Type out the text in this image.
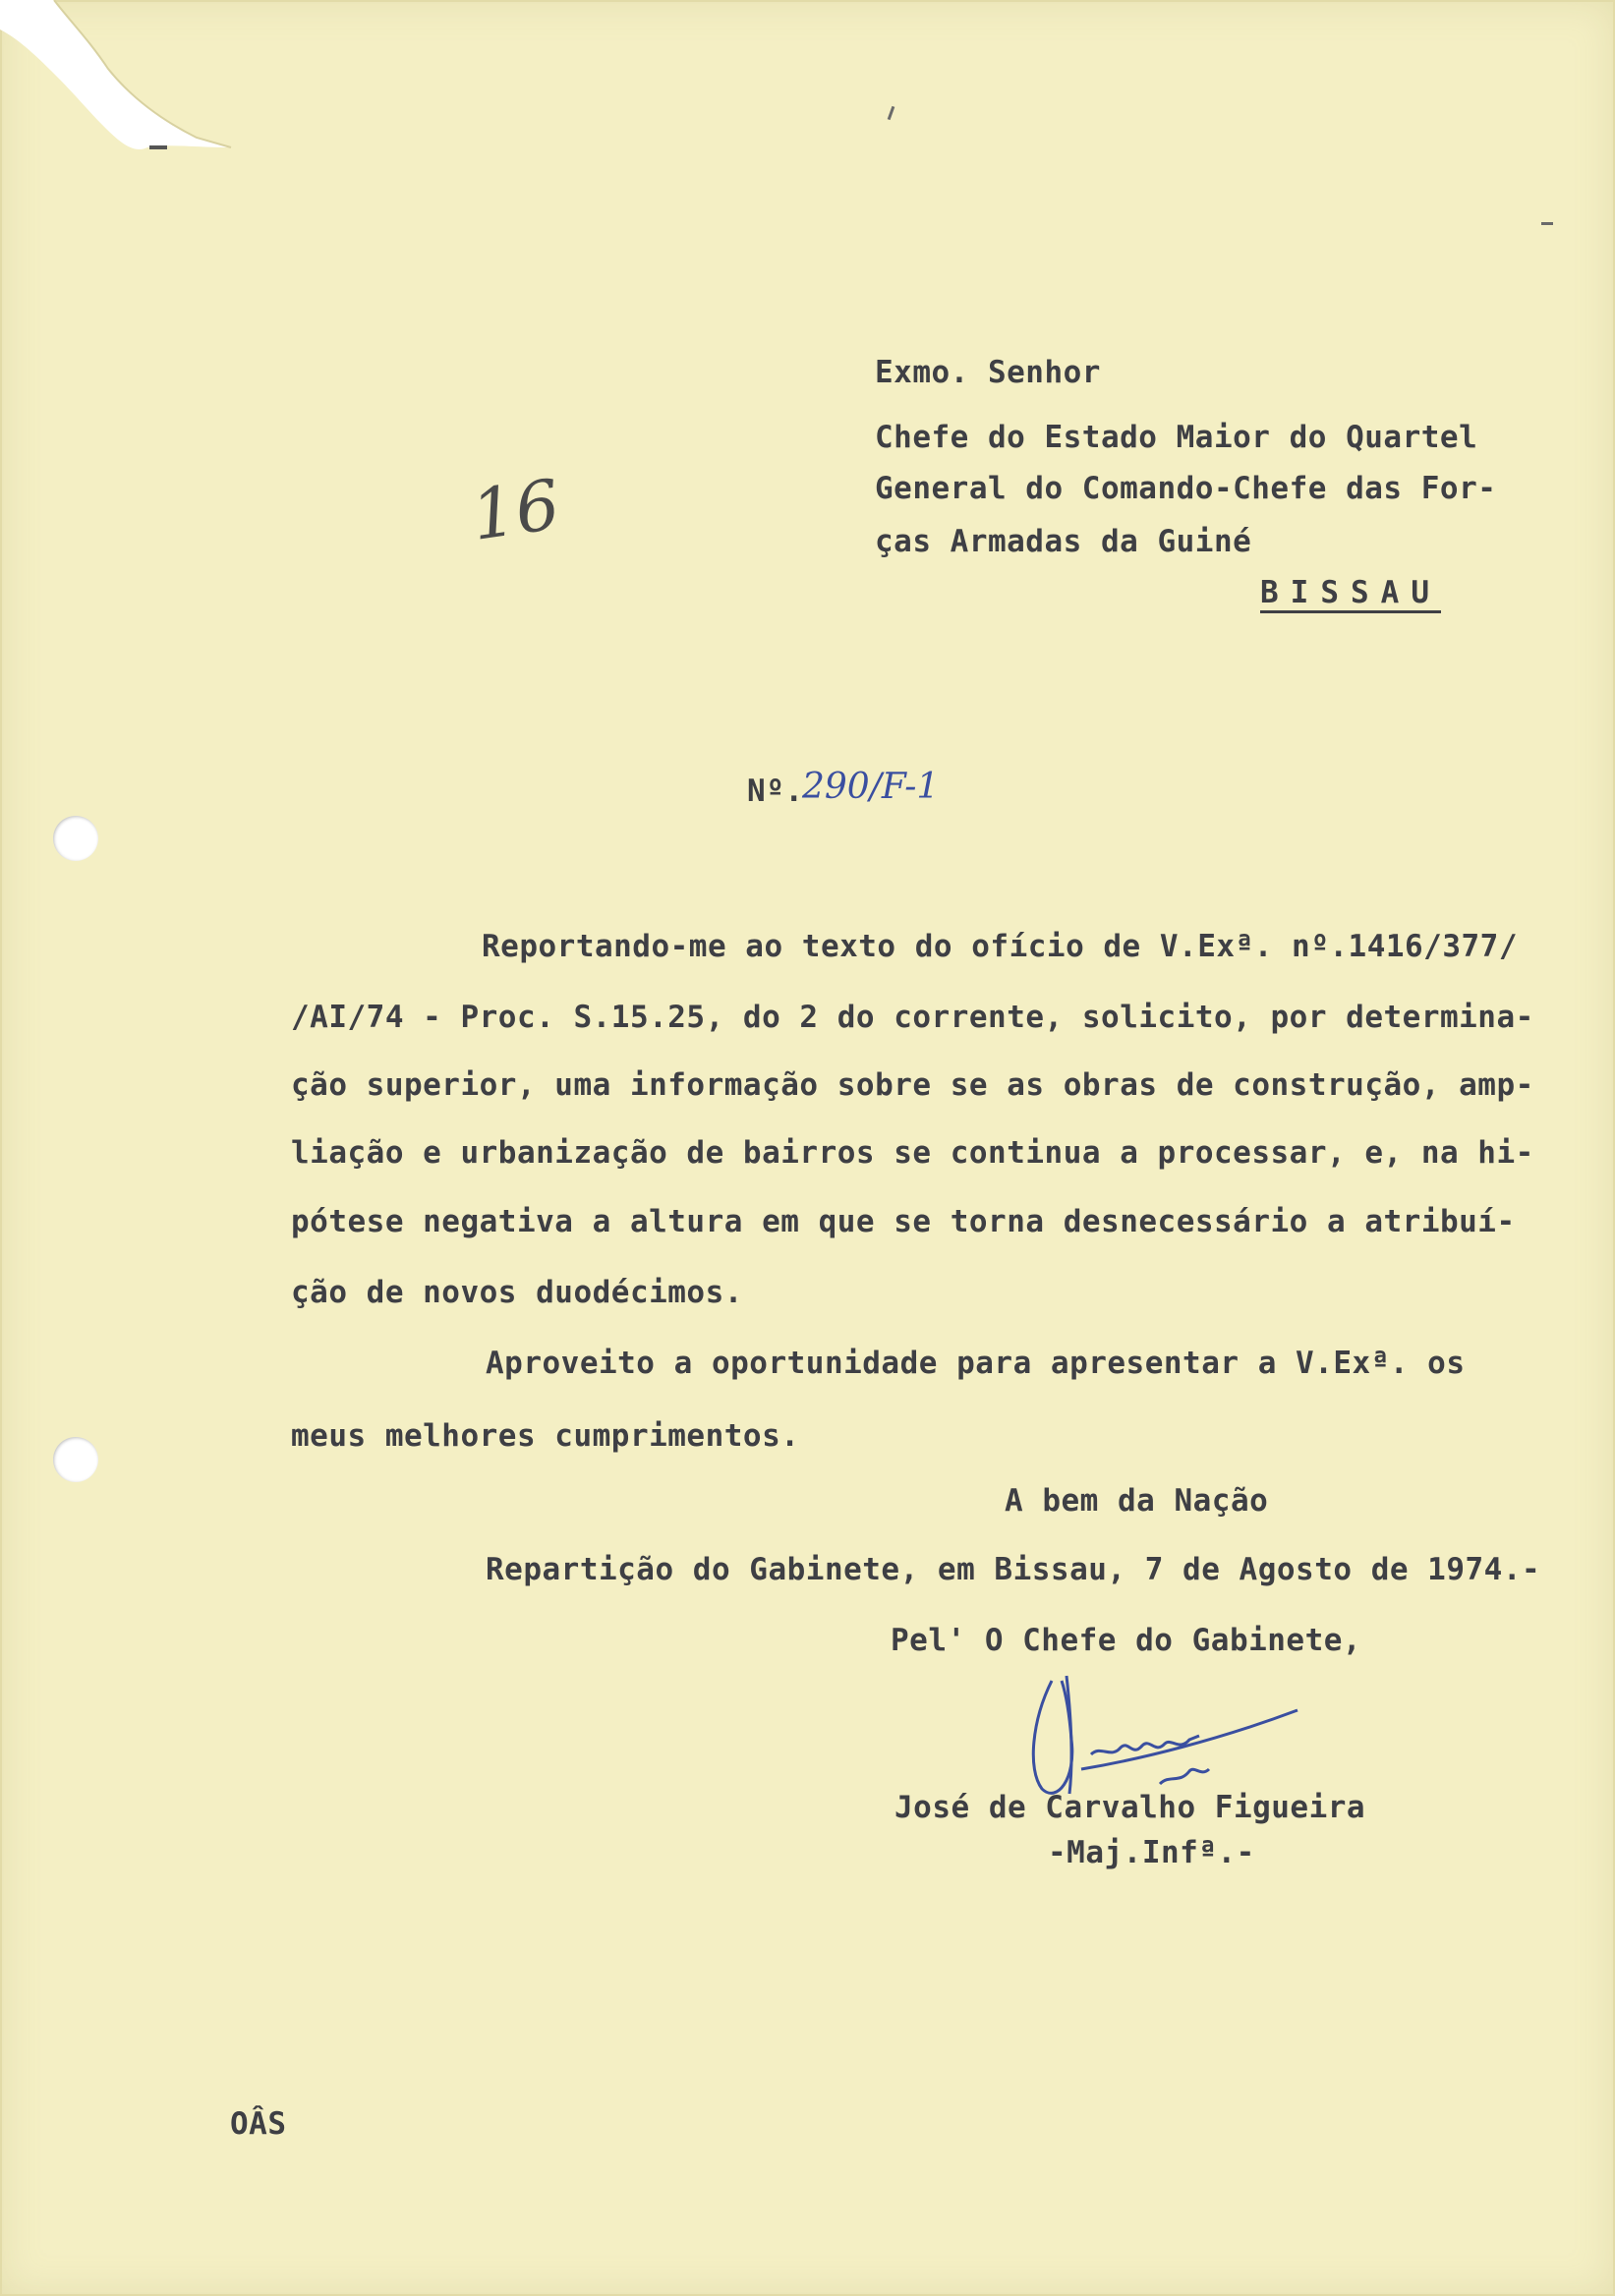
Exmo. Senhor
Chefe do Estado Maior do Quartel
General do Comando-Chefe das For-
ças Armadas da Guiné
BISSAU
16
Nº.
290/F-1
Reportando-me ao texto do ofício de V.Exª. nº.1416/377/
/AI/74 - Proc. S.15.25, do 2 do corrente, solicito, por determina-
ção superior, uma informação sobre se as obras de construção, amp-
liação e urbanização de bairros se continua a processar, e, na hi-
pótese negativa a altura em que se torna desnecessário a atribuí-
ção de novos duodécimos.
Aproveito a oportunidade para apresentar a V.Exª. os
meus melhores cumprimentos.
A bem da Nação
Repartição do Gabinete, em Bissau, 7 de Agosto de 1974.-
Pel' O Chefe do Gabinete,
José de Carvalho Figueira
-Maj.Infª.-
OÂS
